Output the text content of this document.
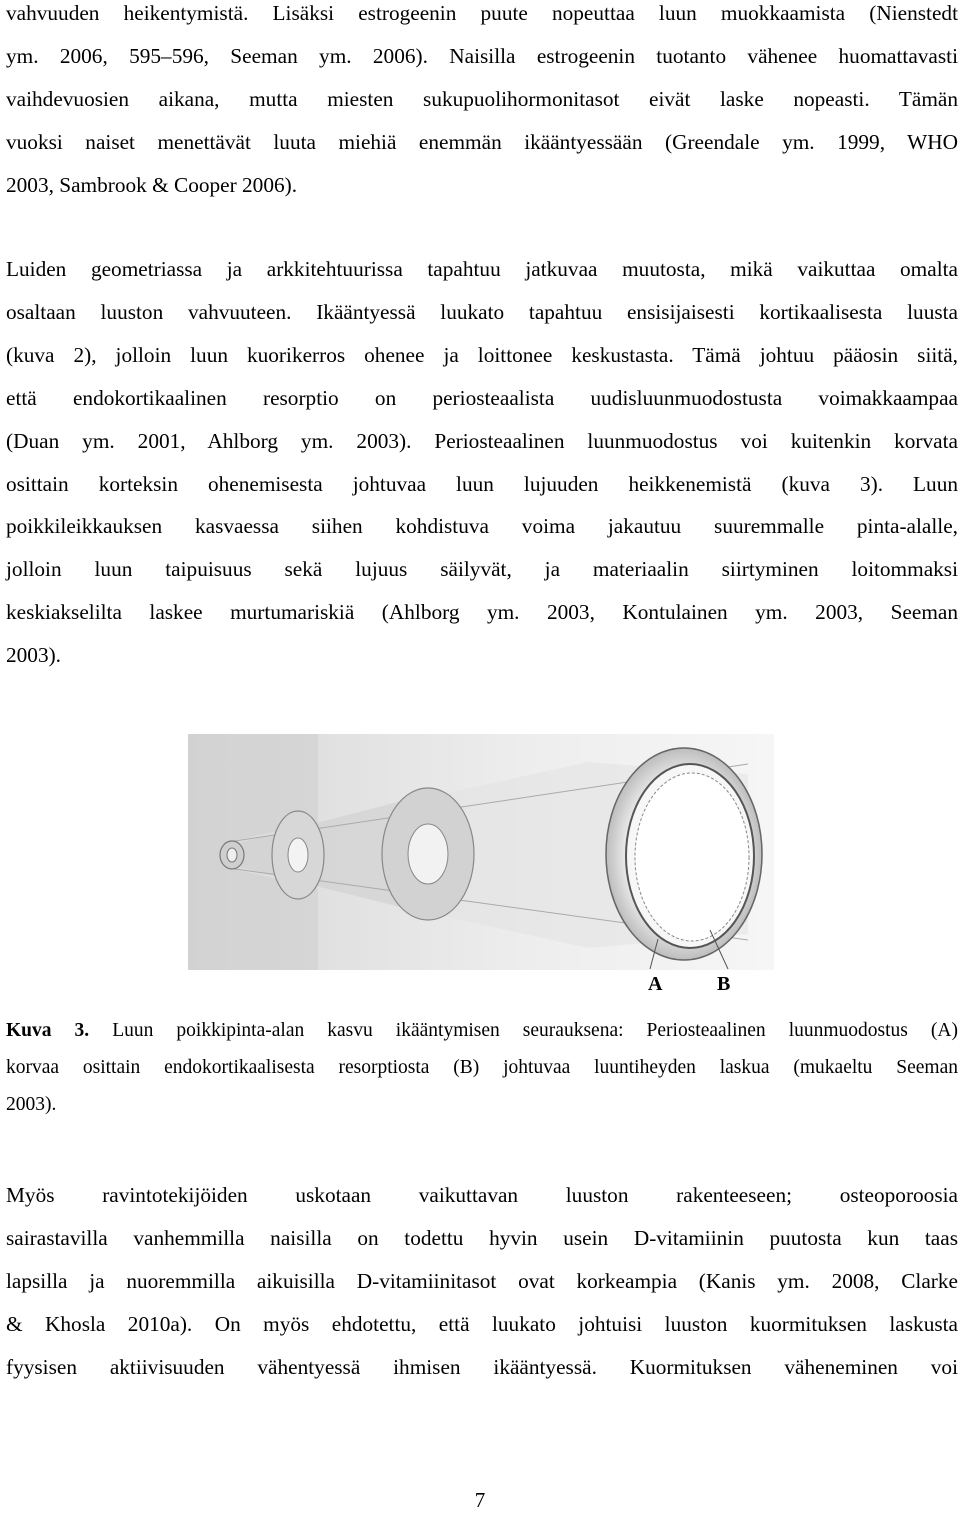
vahvuuden heikentymistä. Lisäksi estrogeenin puute nopeuttaa luun muokkaamista (Nienstedt
ym. 2006, 595–596, Seeman ym. 2006). Naisilla estrogeenin tuotanto vähenee huomattavasti
vaihdevuosien aikana, mutta miesten sukupuolihormonitasot eivät laske nopeasti. Tämän
vuoksi naiset menettävät luuta miehiä enemmän ikääntyessään (Greendale ym. 1999, WHO
2003, Sambrook & Cooper 2006).
Luiden geometriassa ja arkkitehtuurissa tapahtuu jatkuvaa muutosta, mikä vaikuttaa omalta
osaltaan luuston vahvuuteen. Ikääntyessä luukato tapahtuu ensisijaisesti kortikaalisesta luusta
(kuva 2), jolloin luun kuorikerros ohenee ja loittonee keskustasta. Tämä johtuu pääosin siitä,
että endokortikaalinen resorptio on periosteaalista uudisluunmuodostusta voimakkaampaa
(Duan ym. 2001, Ahlborg ym. 2003). Periosteaalinen luunmuodostus voi kuitenkin korvata
osittain korteksin ohenemisesta johtuvaa luun lujuuden heikkenemistä (kuva 3). Luun
poikkileikkauksen kasvaessa siihen kohdistuva voima jakautuu suuremmalle pinta-alalle,
jolloin luun taipuisuus sekä lujuus säilyvät, ja materiaalin siirtyminen loitommaksi
keskiakselilta laskee murtumariskiä (Ahlborg ym. 2003, Kontulainen ym. 2003, Seeman
2003).
A	B
Kuva 3. Luun poikkipinta-alan kasvu ikääntymisen seurauksena: Periosteaalinen luunmuodostus (A)
korvaa osittain endokortikaalisesta resorptiosta (B) johtuvaa luuntiheyden laskua (mukaeltu Seeman
2003).
Myös ravintotekijöiden uskotaan vaikuttavan luuston rakenteeseen; osteoporoosia
sairastavilla vanhemmilla naisilla on todettu hyvin usein D-vitamiinin puutosta kun taas
lapsilla ja nuoremmilla aikuisilla D-vitamiinitasot ovat korkeampia (Kanis ym. 2008, Clarke
& Khosla 2010a). On myös ehdotettu, että luukato johtuisi luuston kuormituksen laskusta
fyysisen aktiivisuuden vähentyessä ihmisen ikääntyessä. Kuormituksen väheneminen voi
7
